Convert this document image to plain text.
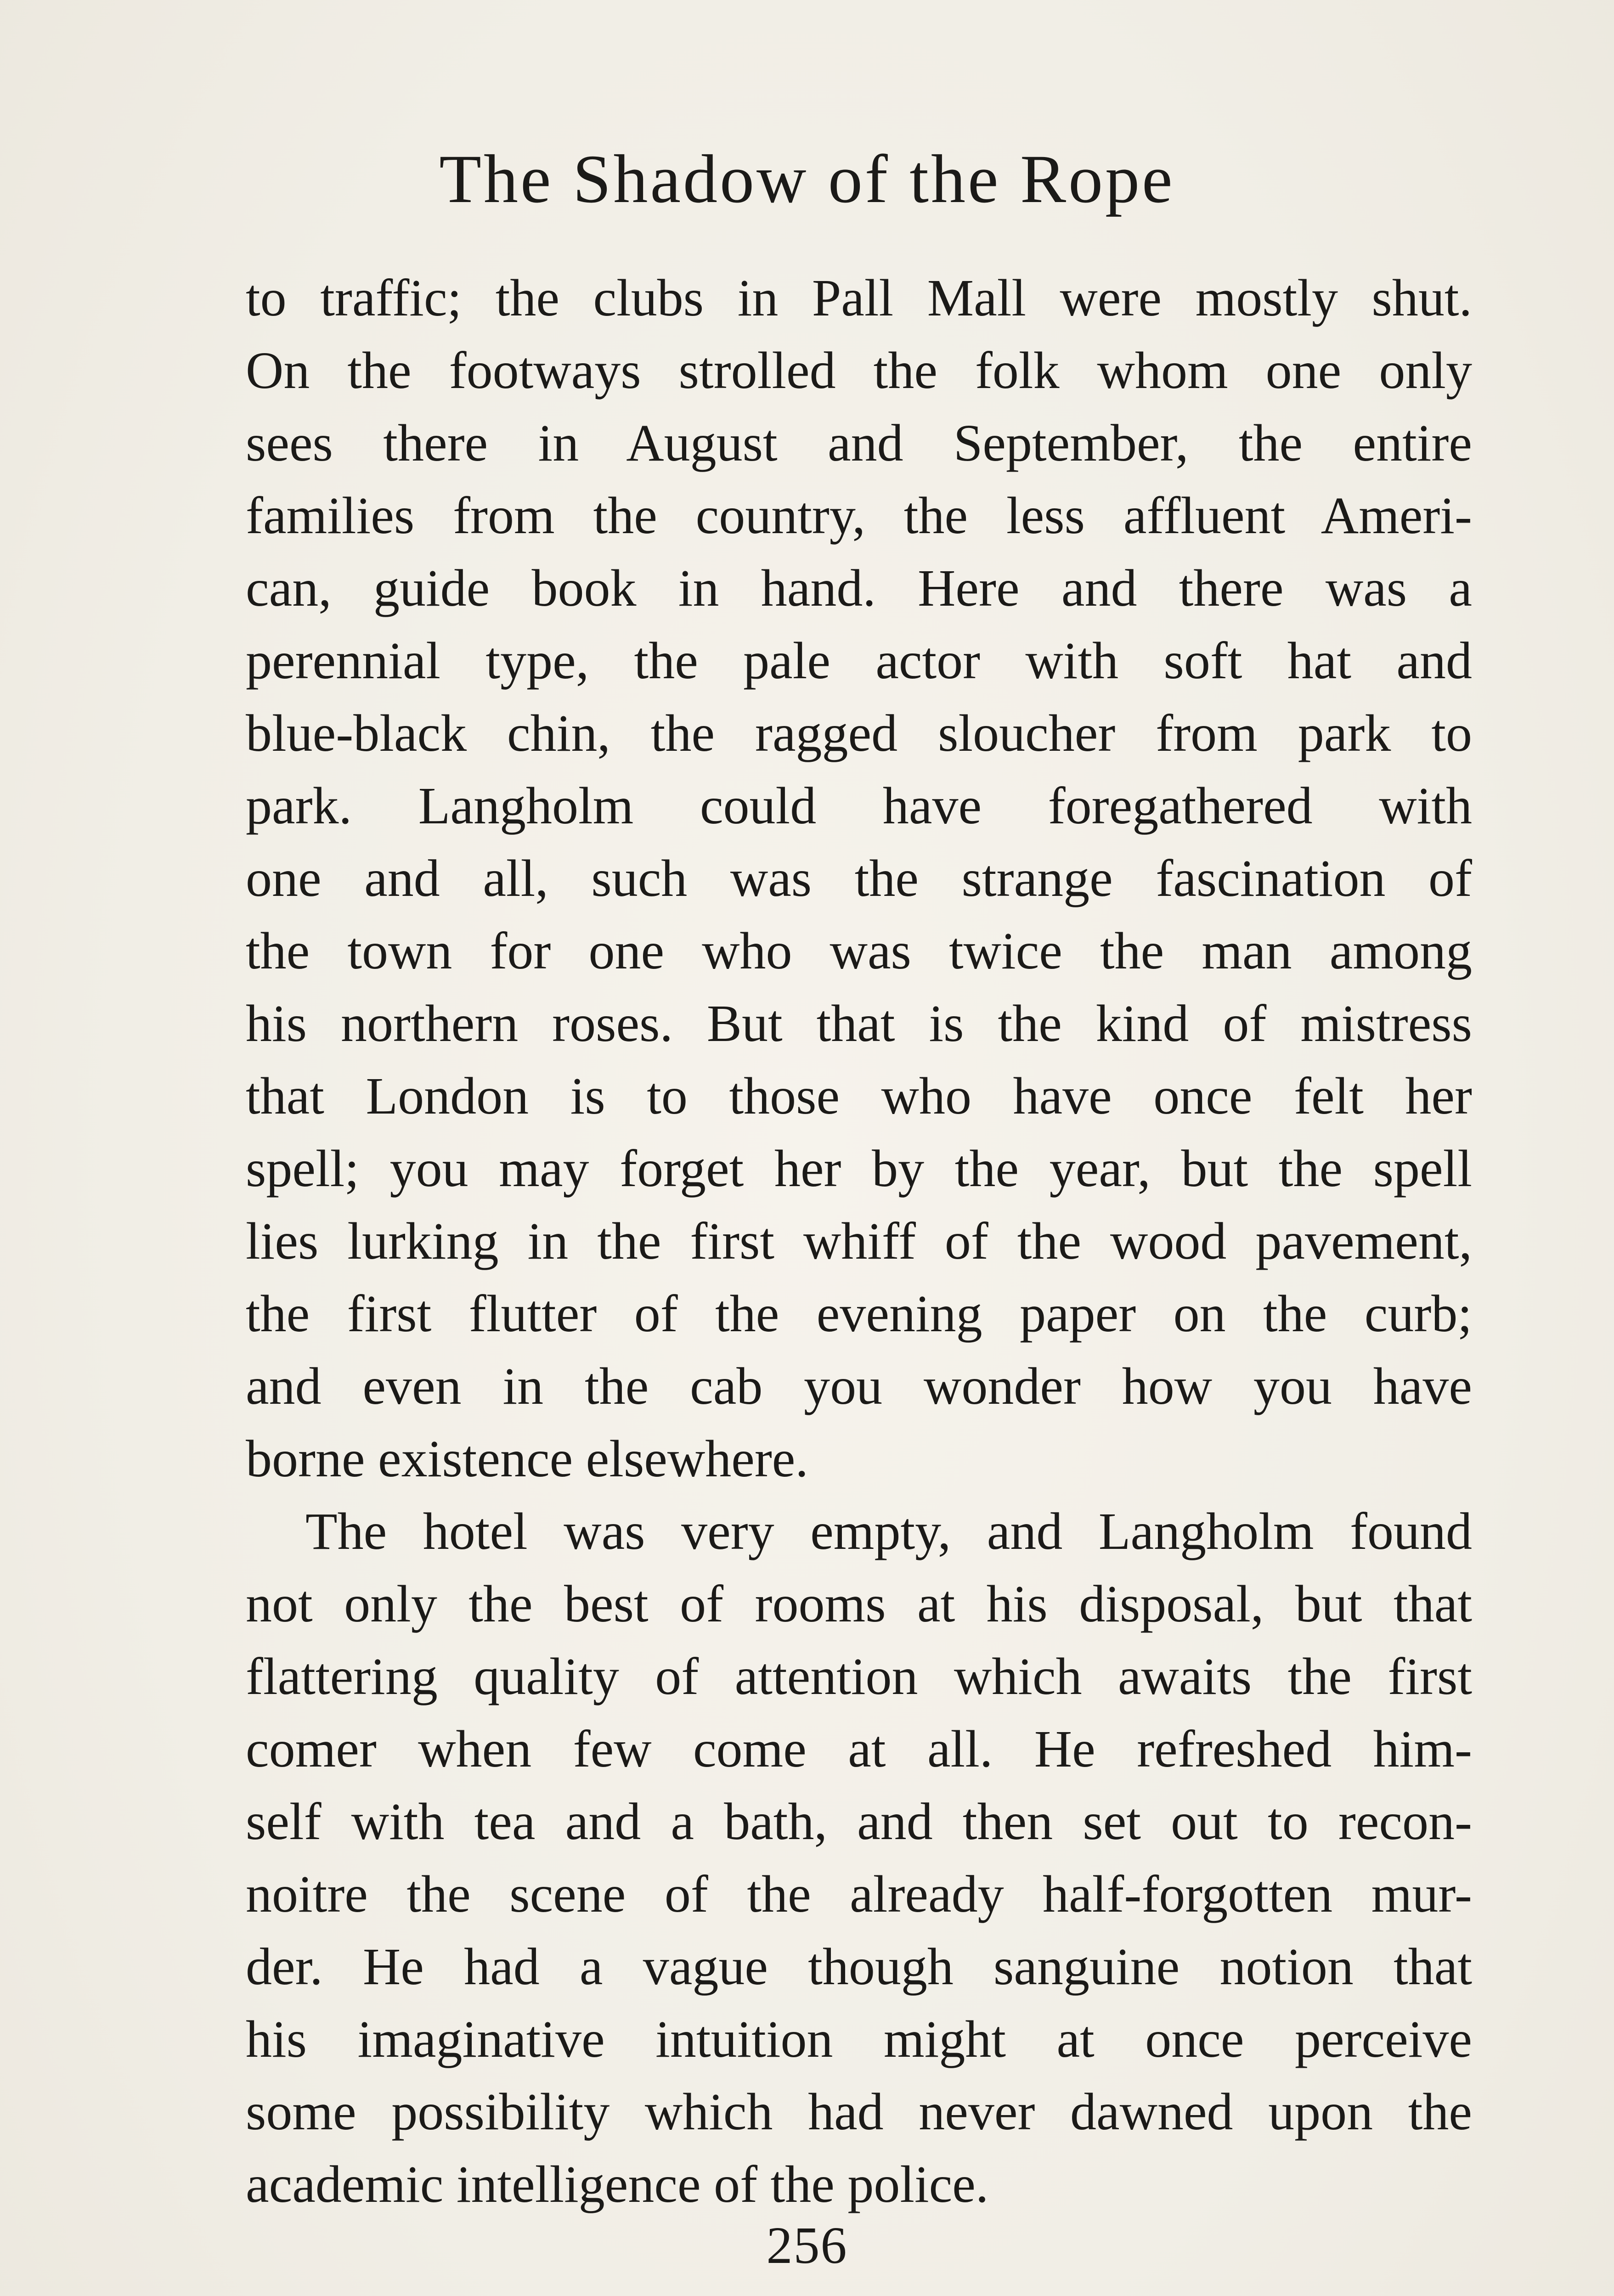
The Shadow of the Rope
to traffic; the clubs in Pall Mall were mostly shut.
On the footways strolled the folk whom one only
sees there in August and September, the entire
families from the country, the less affluent Ameri-
can, guide book in hand. Here and there was a
perennial type, the pale actor with soft hat and
blue-black chin, the ragged sloucher from park to
park. Langholm could have foregathered with
one and all, such was the strange fascination of
the town for one who was twice the man among
his northern roses. But that is the kind of mistress
that London is to those who have once felt her
spell; you may forget her by the year, but the spell
lies lurking in the first whiff of the wood pavement,
the first flutter of the evening paper on the curb;
and even in the cab you wonder how you have
borne existence elsewhere.
The hotel was very empty, and Langholm found
not only the best of rooms at his disposal, but that
flattering quality of attention which awaits the first
comer when few come at all. He refreshed him-
self with tea and a bath, and then set out to recon-
noitre the scene of the already half-forgotten mur-
der. He had a vague though sanguine notion that
his imaginative intuition might at once perceive
some possibility which had never dawned upon the
academic intelligence of the police.
256
